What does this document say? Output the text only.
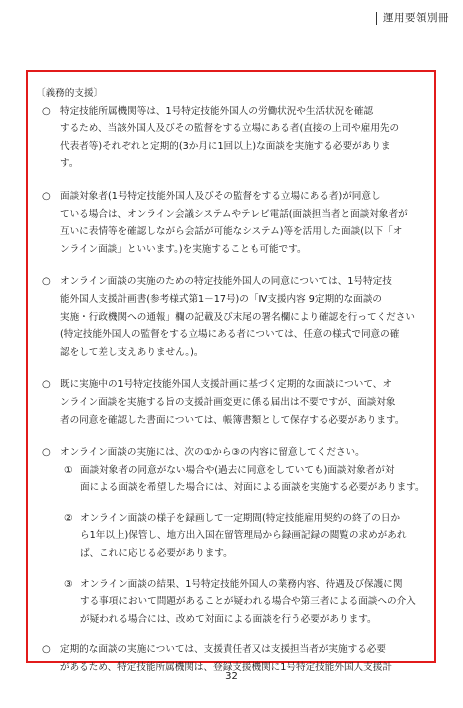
運用要領別冊

〔義務的支援〕

○ 特定技能所属機関等は、1号特定技能外国人の労働状況や生活状況を確認
するため、当該外国人及びその監督をする立場にある者(直接の上司や雇用先の
代表者等)それぞれと定期的(3か月に1回以上)な面談を実施する必要がありま
す。
○ 面談対象者(1号特定技能外国人及びその監督をする立場にある者)が同意し
ている場合は、オンライン会議システムやテレビ電話(面談担当者と面談対象者が
互いに表情等を確認しながら会話が可能なシステム)等を活用した面談(以下「オ
ンライン面談」といいます。)を実施することも可能です。
○ オンライン面談の実施のための特定技能外国人の同意については、1号特定技
能外国人支援計画書(参考様式第1－17号)の「Ⅳ支援内容 9定期的な面談の
実施・行政機関への通報」欄の記載及び末尾の署名欄により確認を行ってください
(特定技能外国人の監督をする立場にある者については、任意の様式で同意の確
認をして差し支えありません。)。
○ 既に実施中の1号特定技能外国人支援計画に基づく定期的な面談について、オ
ンライン面談を実施する旨の支援計画変更に係る届出は不要ですが、面談対象
者の同意を確認した書面については、帳簿書類として保存する必要があります。
○ オンライン面談の実施には、次の①から③の内容に留意してください。
① 面談対象者の同意がない場合や(過去に同意をしていても)面談対象者が対
面による面談を希望した場合には、対面による面談を実施する必要があります。
② オンライン面談の様子を録画して一定期間(特定技能雇用契約の終了の日か
ら1年以上)保管し、地方出入国在留管理局から録画記録の閲覧の求めがあれ
ば、これに応じる必要があります。
③ オンライン面談の結果、1号特定技能外国人の業務内容、待遇及び保護に関
する事項において問題があることが疑われる場合や第三者による面談への介入
が疑われる場合には、改めて対面による面談を行う必要があります。
○ 定期的な面談の実施については、支援責任者又は支援担当者が実施する必要
があるため、特定技能所属機関は、登録支援機関に1号特定技能外国人支援計
32
